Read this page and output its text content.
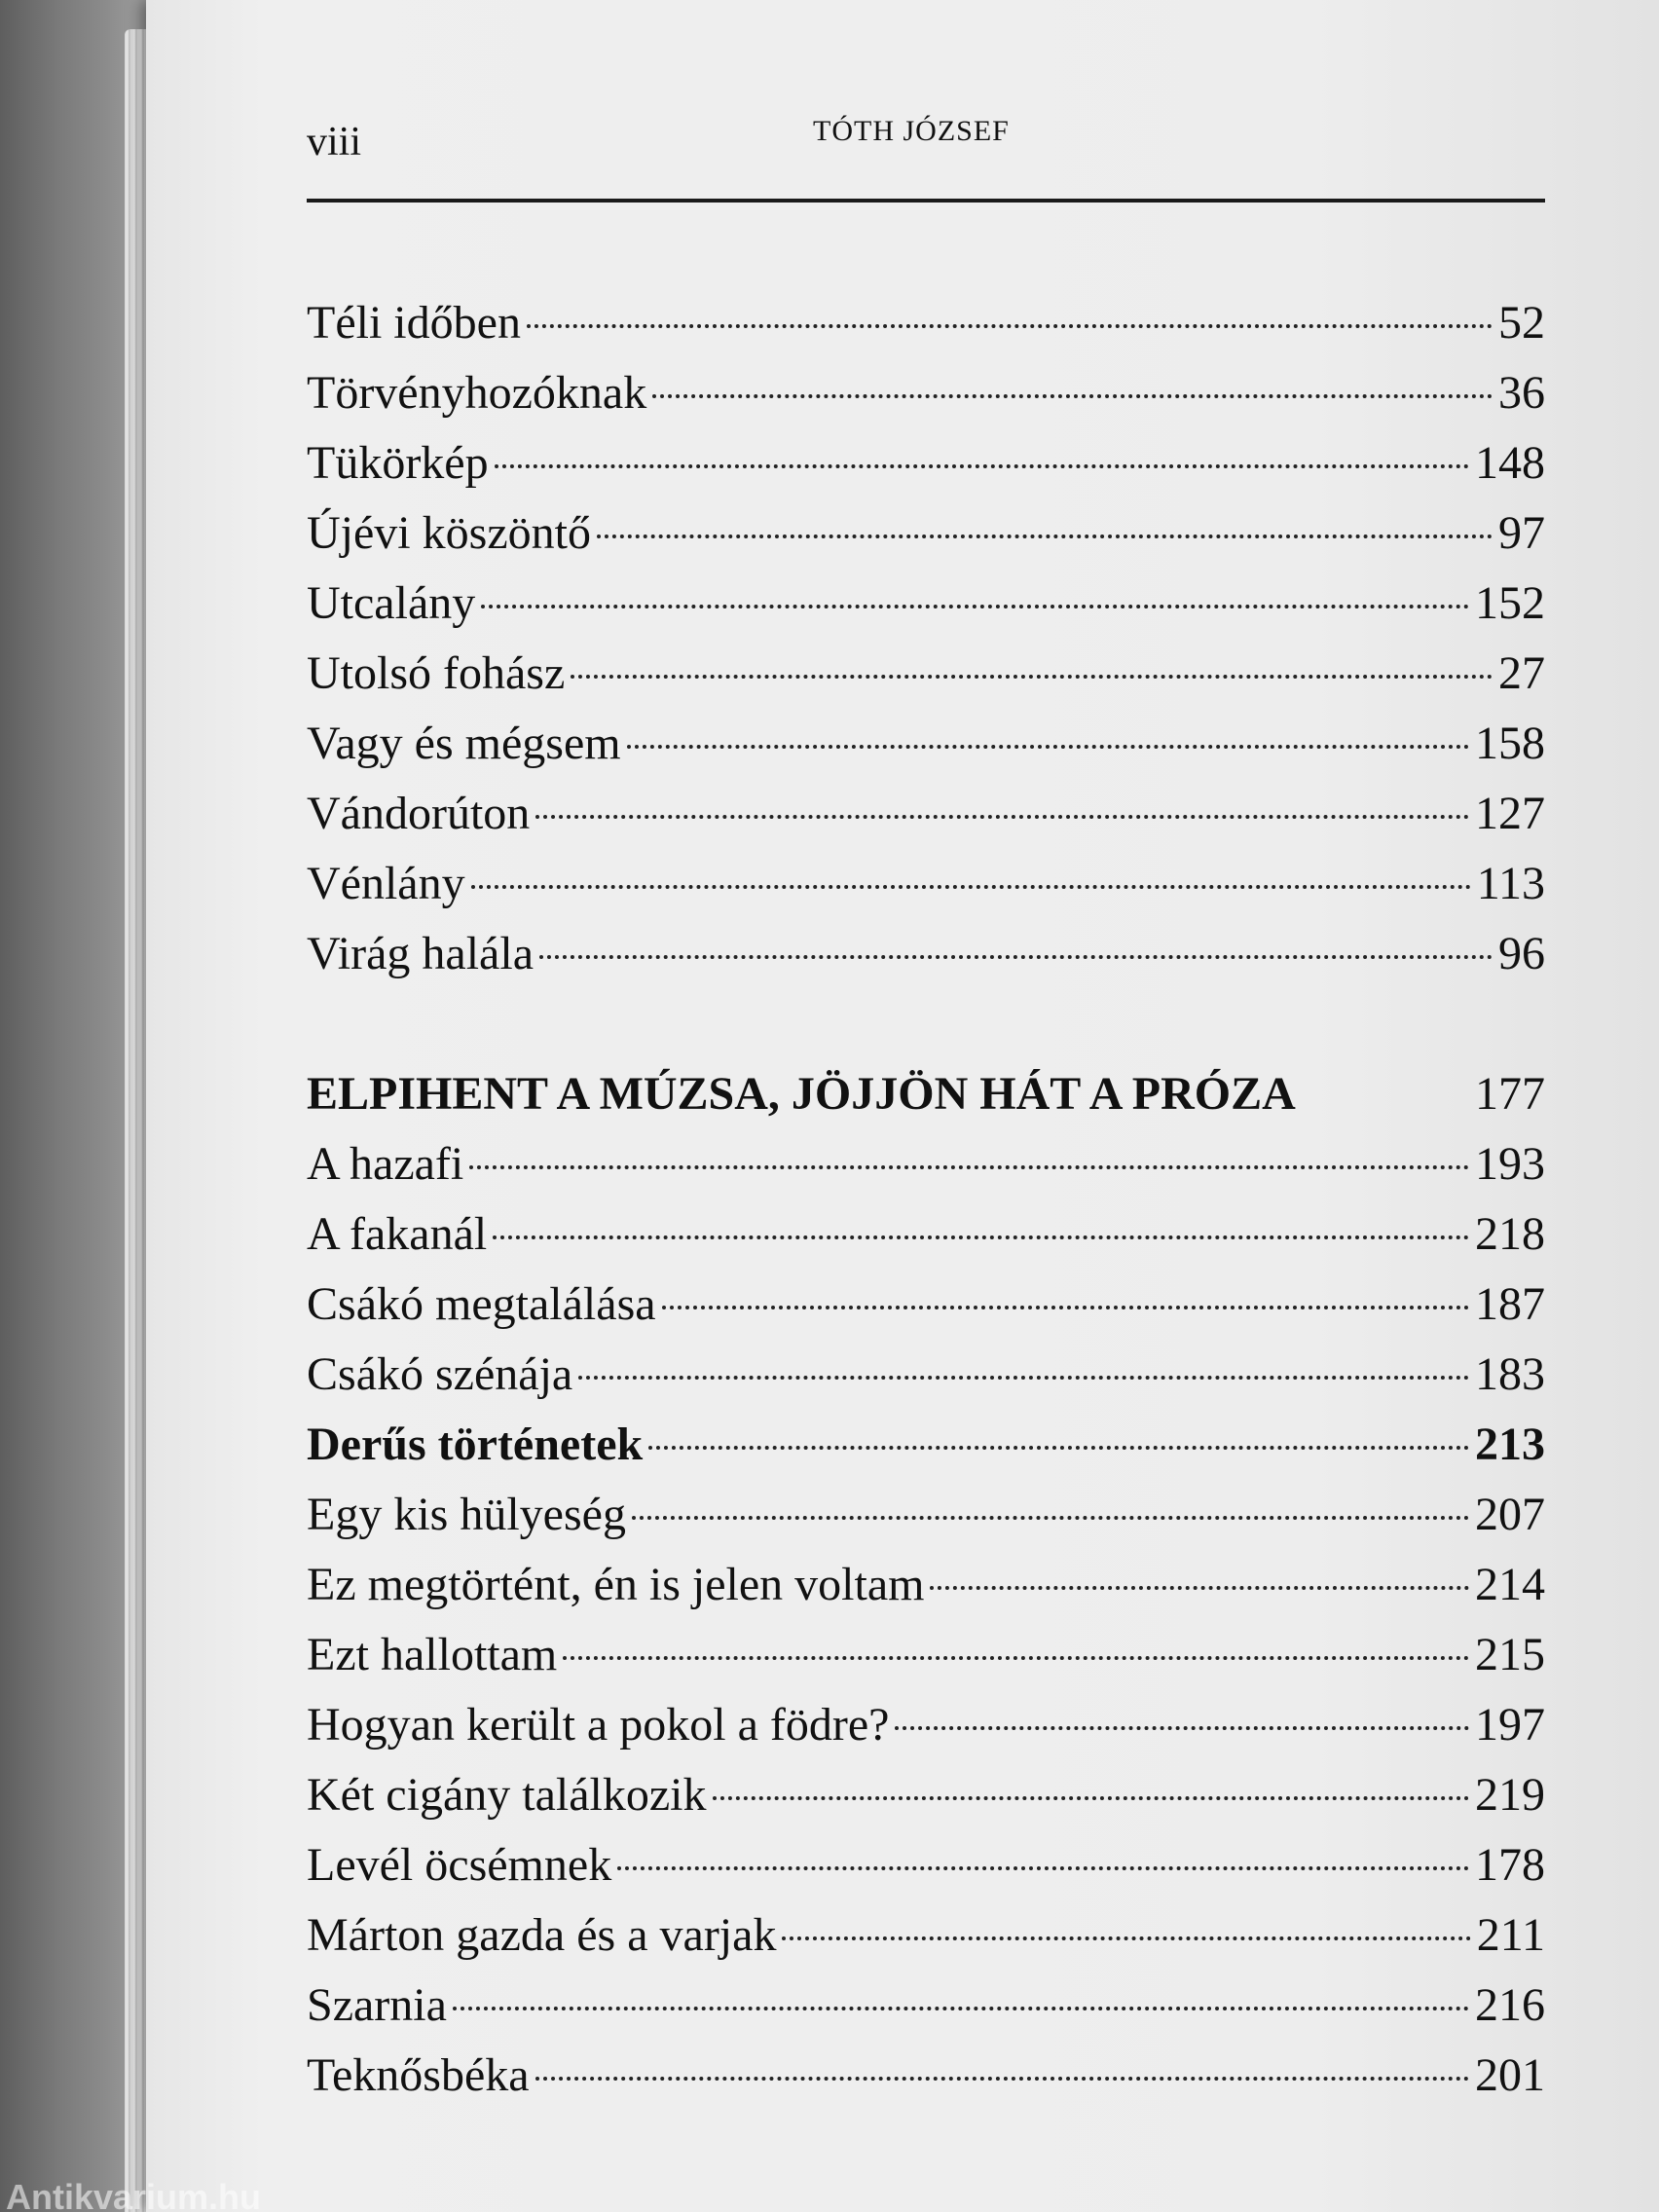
viii	TÓTH JÓZSEF
Téli időben	52
Törvényhozóknak	36
Tükörkép	148
Újévi köszöntő	97
Utcalány	152
Utolsó fohász	27
Vagy és mégsem	158
Vándorúton	127
Vénlány	113
Virág halála	96
ELPIHENT A MÚZSA, JÖJJÖN HÁT A PRÓZA	177
A hazafi	193
A fakanál	218
Csákó megtalálása	187
Csákó szénája	183
Derűs történetek	213
Egy kis hülyeség	207
Ez megtörtént, én is jelen voltam	214
Ezt hallottam	215
Hogyan került a pokol a födre?	197
Két cigány találkozik	219
Levél öcsémnek	178
Márton gazda és a varjak	211
Szarnia	216
Teknősbéka	201
Antikvarium.hu
